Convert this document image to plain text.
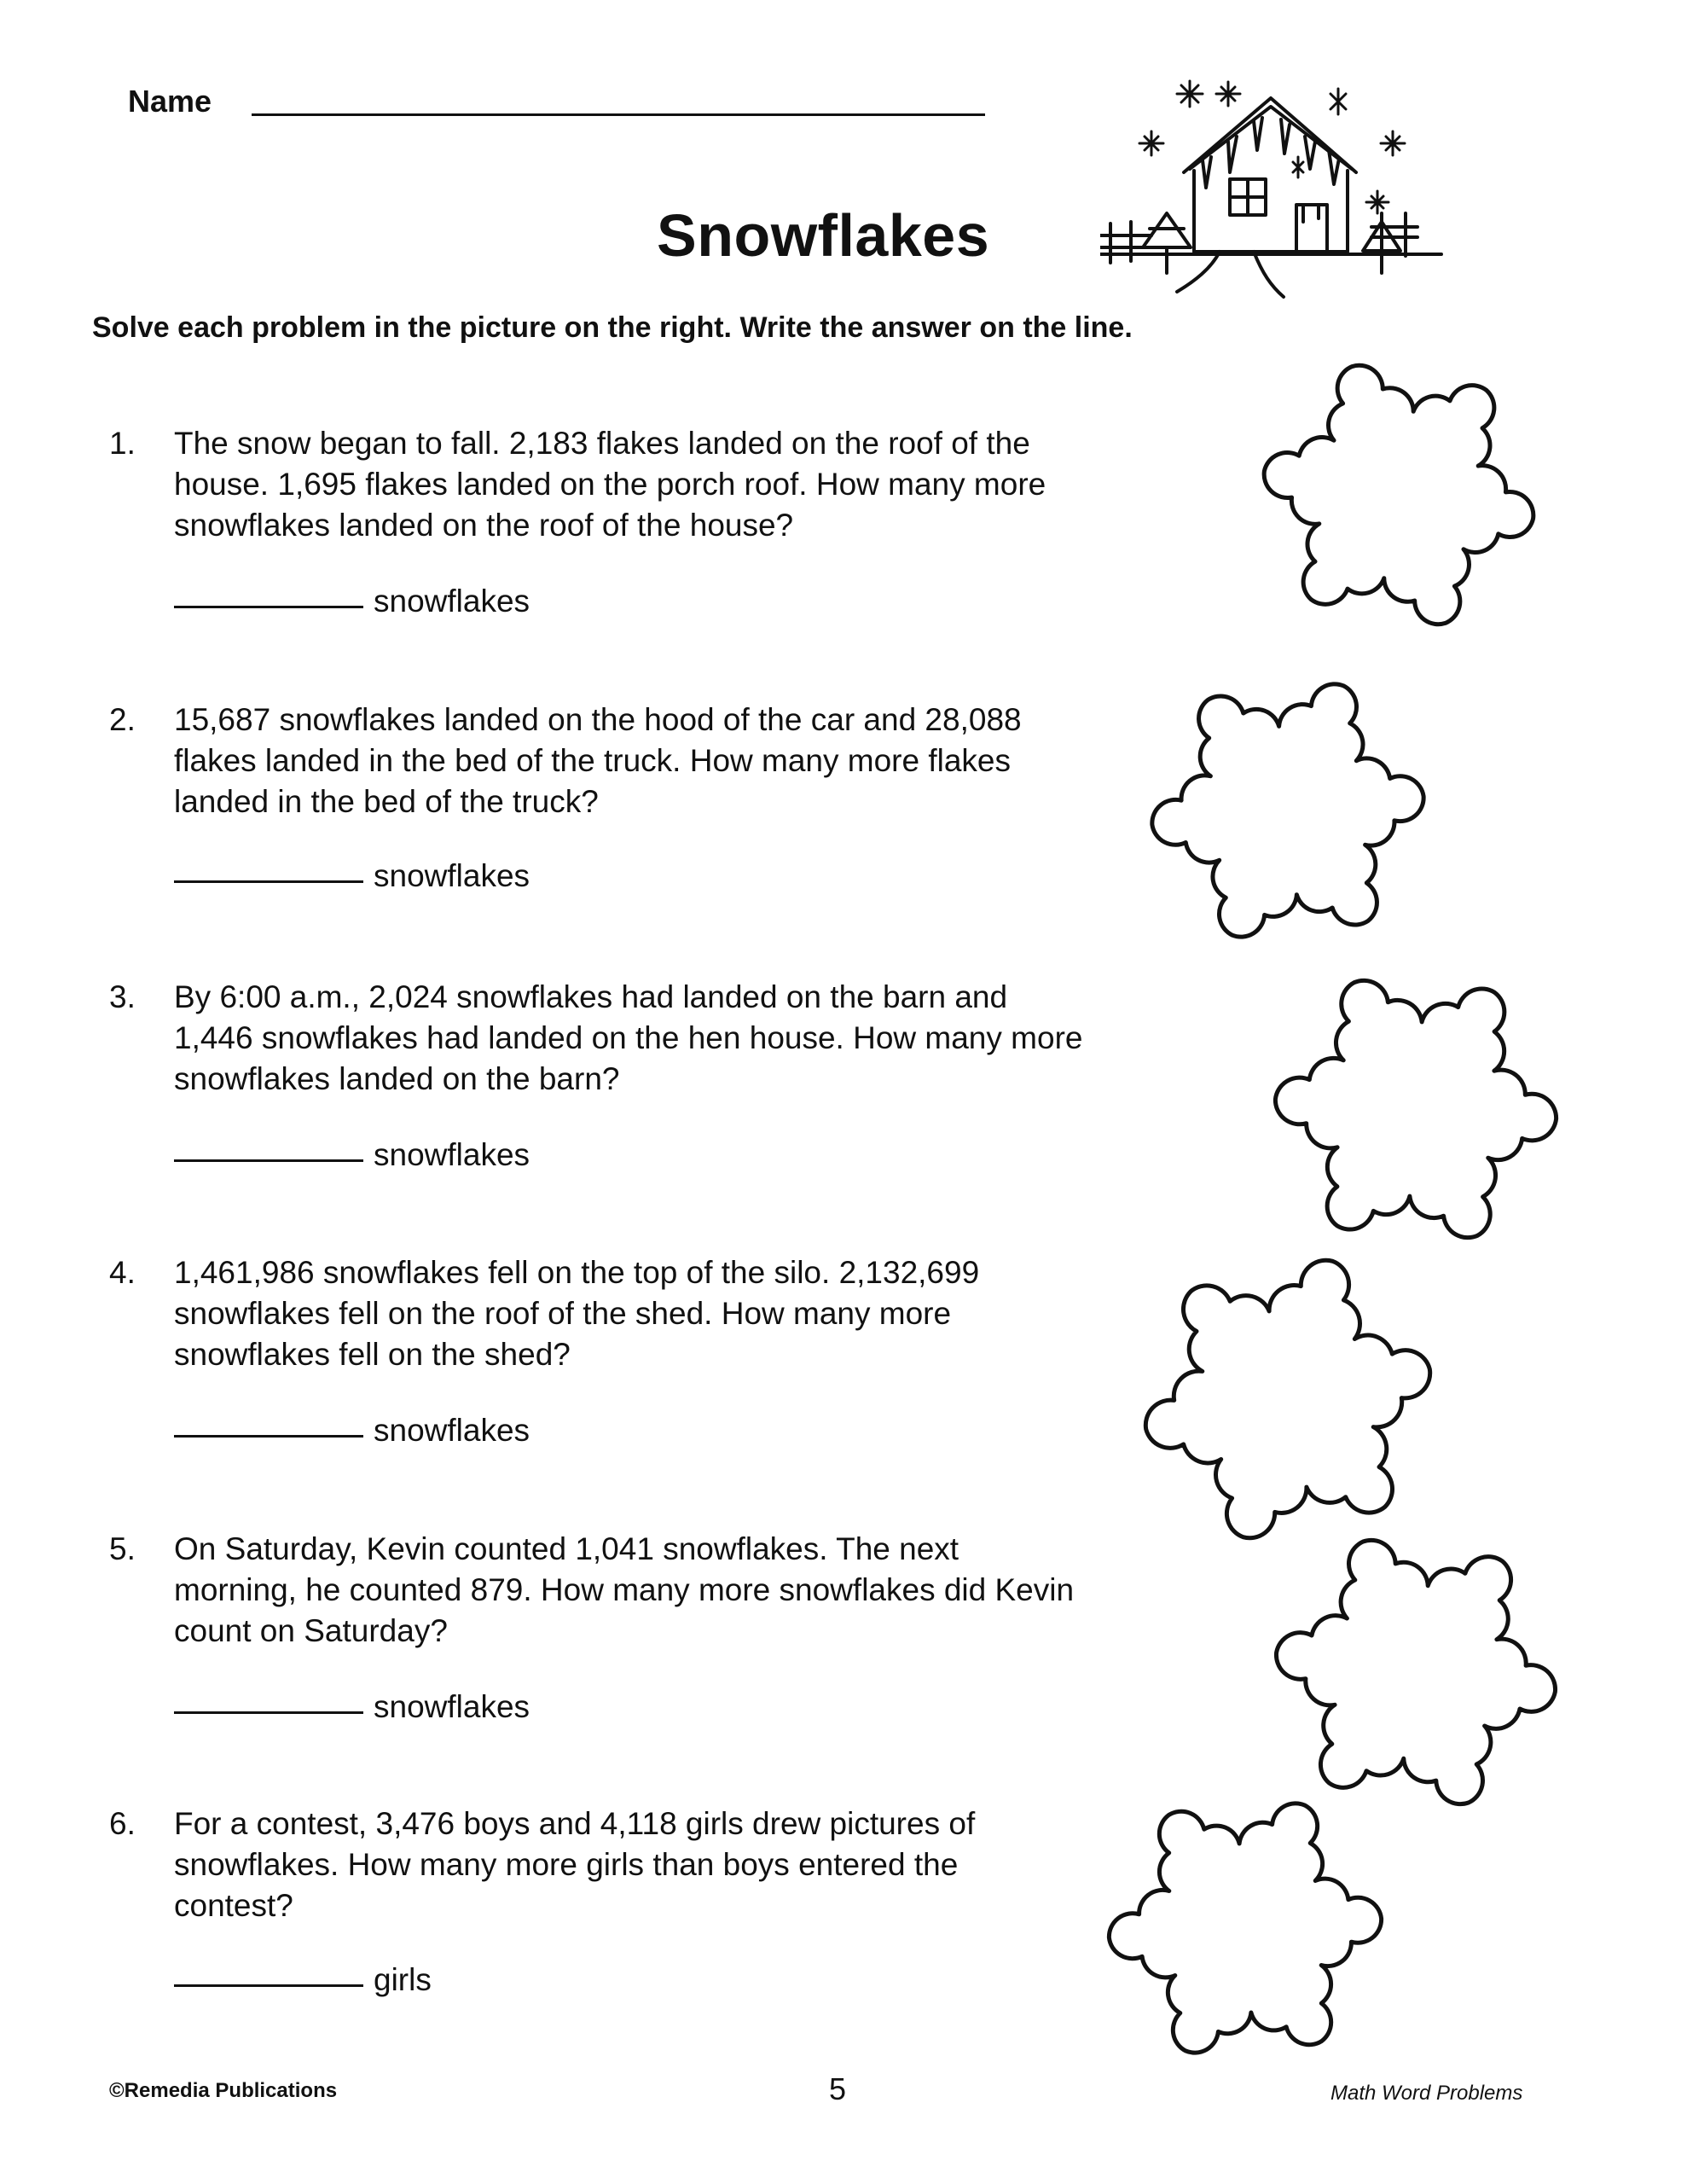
Name
Snowflakes
Solve each problem in the picture on the right. Write the answer on the line.
1.	The snow began to fall. 2,183 flakes landed on the roof of the house. 1,695 flakes landed on the porch roof. How many more snowflakes landed on the roof of the house?
snowflakes
2.	15,687 snowflakes landed on the hood of the car and 28,088 flakes landed in the bed of the truck. How many more flakes landed in the bed of the truck?
snowflakes
3.	By 6:00 a.m., 2,024 snowflakes had landed on the barn and 1,446 snowflakes had landed on the hen house. How many more snowflakes landed on the barn?
snowflakes
4.	1,461,986 snowflakes fell on the top of the silo. 2,132,699 snowflakes fell on the roof of the shed. How many more snowflakes fell on the shed?
snowflakes
5.	On Saturday, Kevin counted 1,041 snowflakes. The next morning, he counted 879. How many more snowflakes did Kevin count on Saturday?
snowflakes
6.	For a contest, 3,476 boys and 4,118 girls drew pictures of snowflakes. How many more girls than boys entered the contest?
girls
©Remedia Publications	5	Math Word Problems
